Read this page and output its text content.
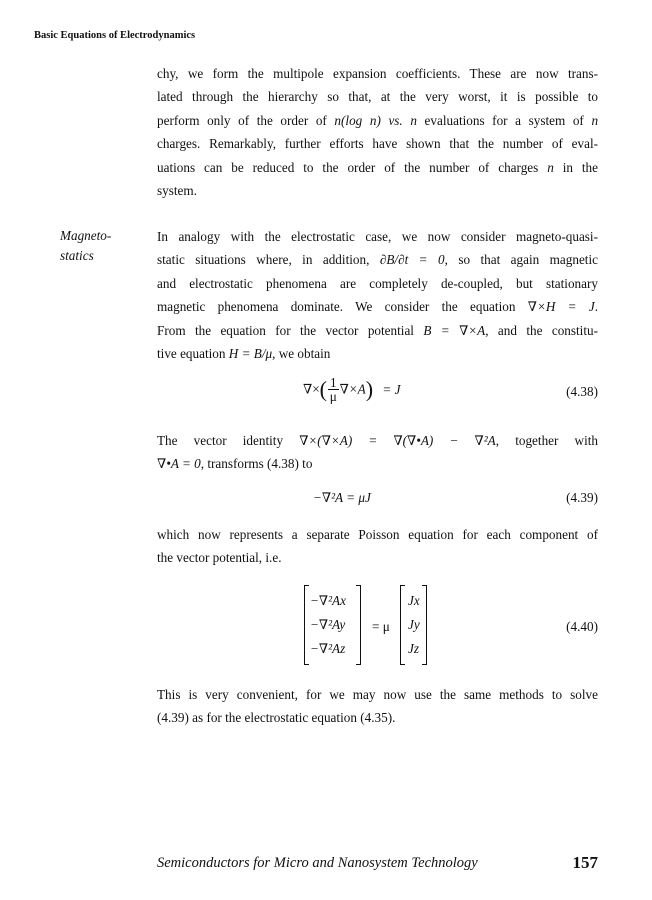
Basic Equations of Electrodynamics
chy, we form the multipole expansion coefficients. These are now trans-
lated through the hierarchy so that, at the very worst, it is possible to
perform only of the order of n(log n) vs. n evaluations for a system of n
charges. Remarkably, further efforts have shown that the number of eval-
uations can be reduced to the order of the number of charges n in the
system.
Magneto-
statics
In analogy with the electrostatic case, we now consider magneto-quasi-
static situations where, in addition, ∂B/∂t = 0, so that again magnetic
and electrostatic phenomena are completely de-coupled, but stationary
magnetic phenomena dominate. We consider the equation ∇×H = J.
From the equation for the vector potential B = ∇×A, and the constitu-
tive equation H = B/μ, we obtain
∇×( $\frac{1}{\mu} \nabla\times A) = J$	(4.38)
The vector identity ∇×(∇×A) = ∇(∇•A) − ∇²A, together with
∇•A = 0, transforms (4.38) to
−∇²A = μJ	(4.39)
which now represents a separate Poisson equation for each component of
the vector potential, i.e.
−∇²Ax
−∇²Ay
−∇²Az
= μ
Jx
Jy
Jz
(4.40)
This is very convenient, for we may now use the same methods to solve
(4.39) as for the electrostatic equation (4.35).
Semiconductors for Micro and Nanosystem Technology	157
